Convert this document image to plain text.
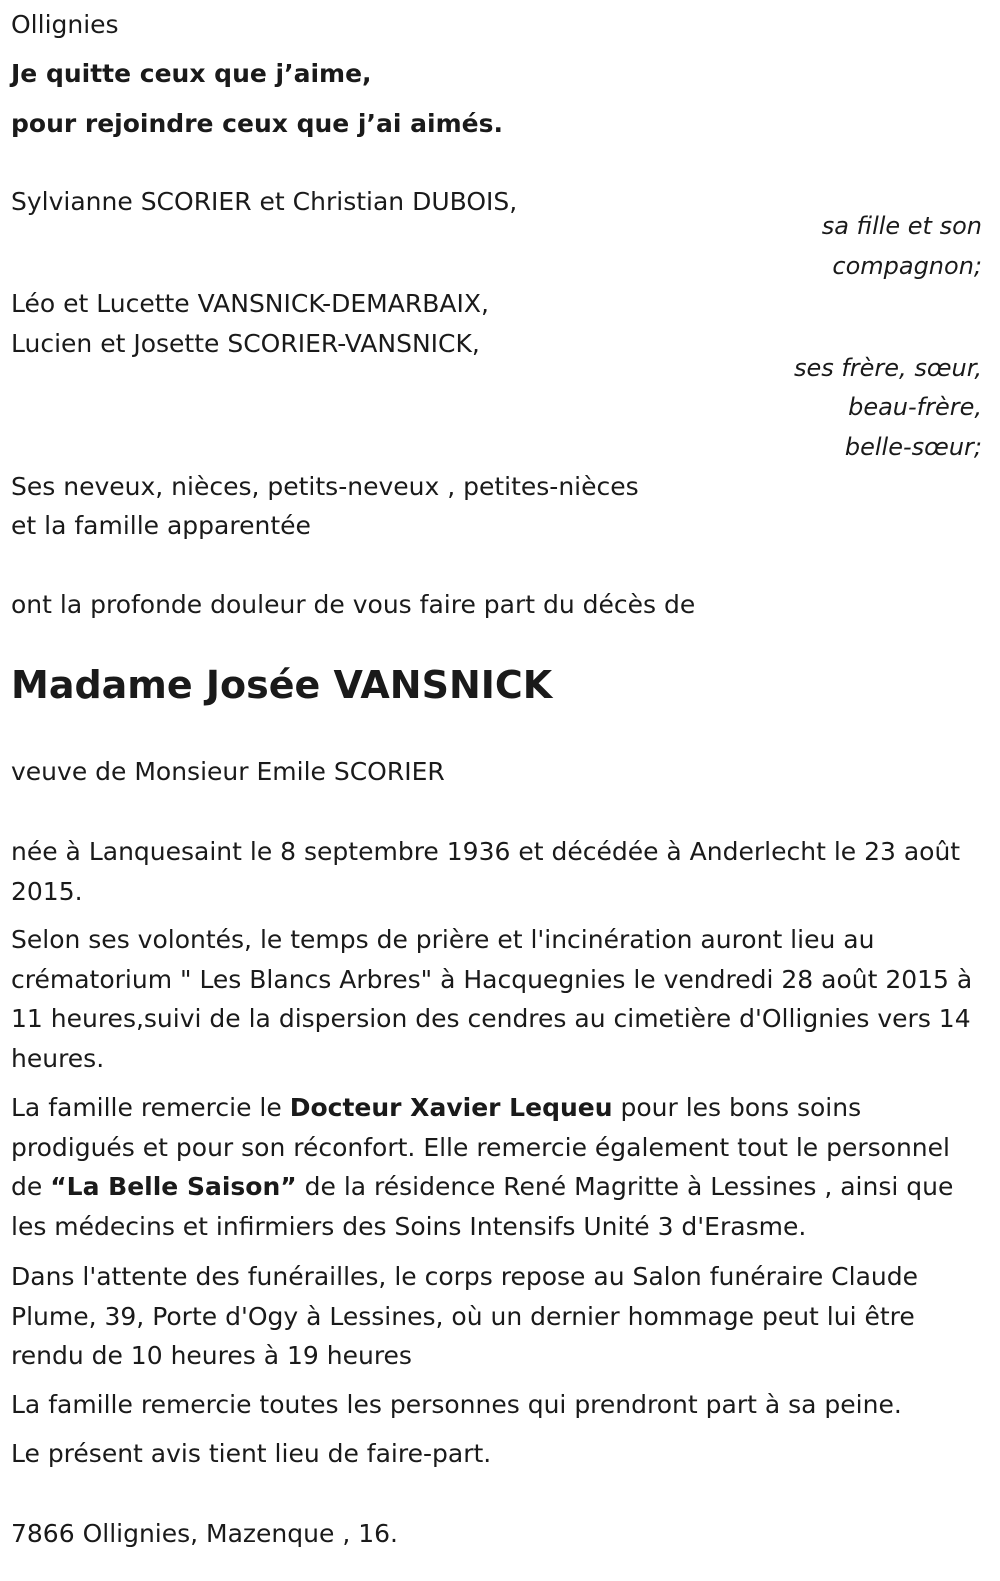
Ollignies

Je quitte ceux que j’aime,

pour rejoindre ceux que j’ai aimés.

Sylvianne SCORIER et Christian DUBOIS,

sa fille et son

compagnon;

Léo et Lucette VANSNICK-DEMARBAIX,

Lucien et Josette SCORIER-VANSNICK,

ses frère, sœur,

beau-frère,

belle-sœur;

Ses neveux, nièces, petits-neveux , petites-nièces

et la famille apparentée

ont la profonde douleur de vous faire part du décès de

Madame Josée VANSNICK

veuve de Monsieur Emile SCORIER

née à Lanquesaint le 8 septembre 1936 et décédée à Anderlecht le 23 août 2015.

Selon ses volontés, le temps de prière et l'incinération auront lieu au crématorium " Les Blancs Arbres" à Hacquegnies le vendredi 28 août 2015 à 11 heures,suivi de la dispersion des cendres au cimetière d'Ollignies vers 14 heures.

La famille remercie le Docteur Xavier Lequeu pour les bons soins prodigués et pour son réconfort. Elle remercie également tout le personnel de “La Belle Saison” de la résidence René Magritte à Lessines , ainsi que les médecins et infirmiers des Soins Intensifs Unité 3 d'Erasme.

Dans l'attente des funérailles, le corps repose au Salon funéraire Claude Plume, 39, Porte d'Ogy à Lessines, où un dernier hommage peut lui être rendu de 10 heures à 19 heures

La famille remercie toutes les personnes qui prendront part à sa peine.

Le présent avis tient lieu de faire-part.

7866 Ollignies, Mazenque , 16.
